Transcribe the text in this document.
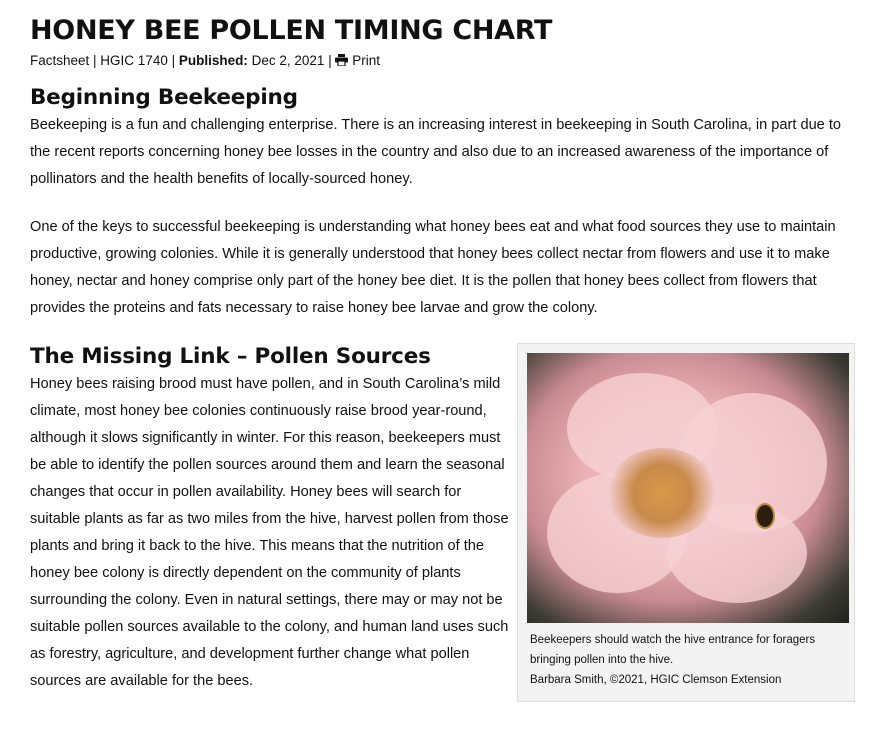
HONEY BEE POLLEN TIMING CHART
Factsheet | HGIC 1740 | Published: Dec 2, 2021 |  Print
Beginning Beekeeping

Beekeeping is a fun and challenging enterprise. There is an increasing interest in beekeeping in South Carolina, in part due to the recent reports concerning honey bee losses in the country and also due to an increased awareness of the importance of pollinators and the health benefits of locally-sourced honey.

One of the keys to successful beekeeping is understanding what honey bees eat and what food sources they use to maintain productive, growing colonies. While it is generally understood that honey bees collect nectar from flowers and use it to make honey, nectar and honey comprise only part of the honey bee diet. It is the pollen that honey bees collect from flowers that provides the proteins and fats necessary to raise honey bee larvae and grow the colony.

The Missing Link – Pollen Sources

Honey bees raising brood must have pollen, and in South Carolina’s mild climate, most honey bee colonies continuously raise brood year-round, although it slows significantly in winter. For this reason, beekeepers must be able to identify the pollen sources around them and learn the seasonal changes that occur in pollen availability. Honey bees will search for suitable plants as far as two miles from the hive, harvest pollen from those plants and bring it back to the hive. This means that the nutrition of the honey bee colony is directly dependent on the community of plants surrounding the colony. Even in natural settings, there may or may not be suitable pollen sources available to the colony, and human land uses such as forestry, agriculture, and development further change what pollen sources are available for the bees.

Beekeepers should watch the hive entrance for foragers bringing pollen into the hive.
Barbara Smith, ©2021, HGIC Clemson Extension
